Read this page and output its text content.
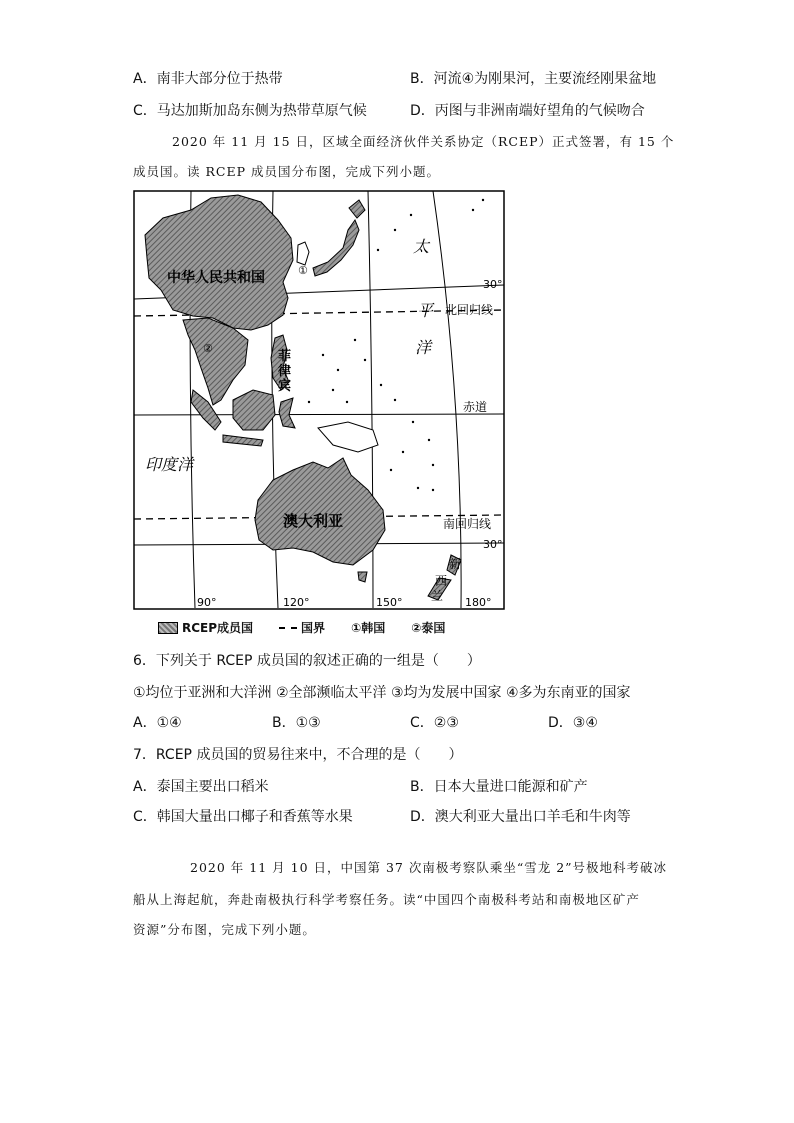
A．南非大部分位于热带	B．河流④为刚果河，主要流经刚果盆地
C．马达加斯加岛东侧为热带草原气候	D．丙图与非洲南端好望角的气候吻合
2020 年 11 月 15 日，区域全面经济伙伴关系协定（RCEP）正式签署，有 15 个
成员国。读 RCEP 成员国分布图，完成下列小题。
中华人民共和国
太
平
洋
印度洋
澳大利亚
北回归线
赤道
南回归线
30°
30°
90°	120°	150°	180°
①
②
菲
律
宾
新
西
兰
RCEP成员国	国界 ①韩国 ②泰国
6．下列关于 RCEP 成员国的叙述正确的一组是（　　）
①均位于亚洲和大洋洲 ②全部濒临太平洋 ③均为发展中国家 ④多为东南亚的国家
A．①④	B．①③	C．②③	D．③④
7．RCEP 成员国的贸易往来中，不合理的是（　　）
A．泰国主要出口稻米	B．日本大量进口能源和矿产
C．韩国大量出口椰子和香蕉等水果	D．澳大利亚大量出口羊毛和牛肉等
2020 年 11 月 10 日，中国第 37 次南极考察队乘坐“雪龙 2”号极地科考破冰
船从上海起航，奔赴南极执行科学考察任务。读“中国四个南极科考站和南极地区矿产
资源”分布图，完成下列小题。
